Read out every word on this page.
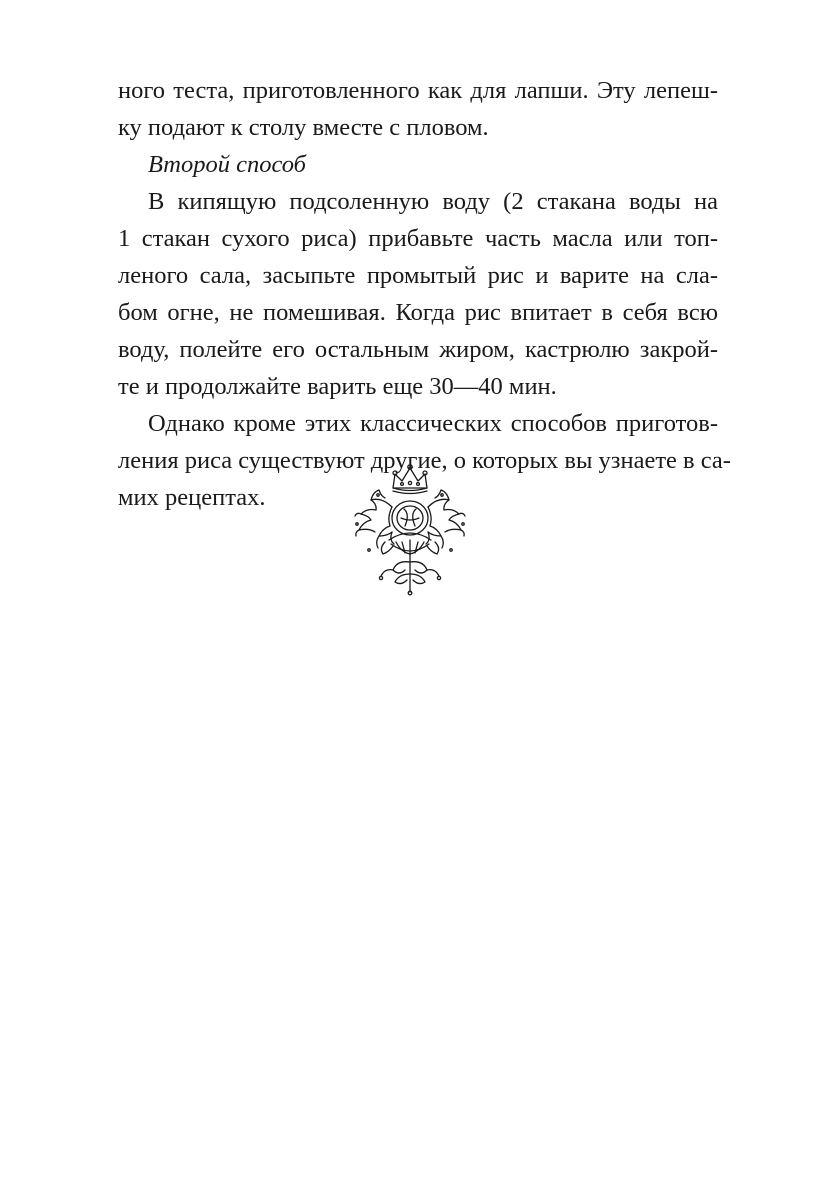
ного теста, приготовленного как для лапши. Эту лепеш-
ку подают к столу вместе с пловом.
Второй способ
В кипящую подсоленную воду (2 стакана воды на
1 стакан сухого риса) прибавьте часть масла или топ-
леного сала, засыпьте промытый рис и варите на сла-
бом огне, не помешивая. Когда рис впитает в себя всю
воду, полейте его остальным жиром, кастрюлю закрой-
те и продолжайте варить еще 30—40 мин.
Однако кроме этих классических способов приготов-
ления риса существуют другие, о которых вы узнаете в са-
мих рецептах.
